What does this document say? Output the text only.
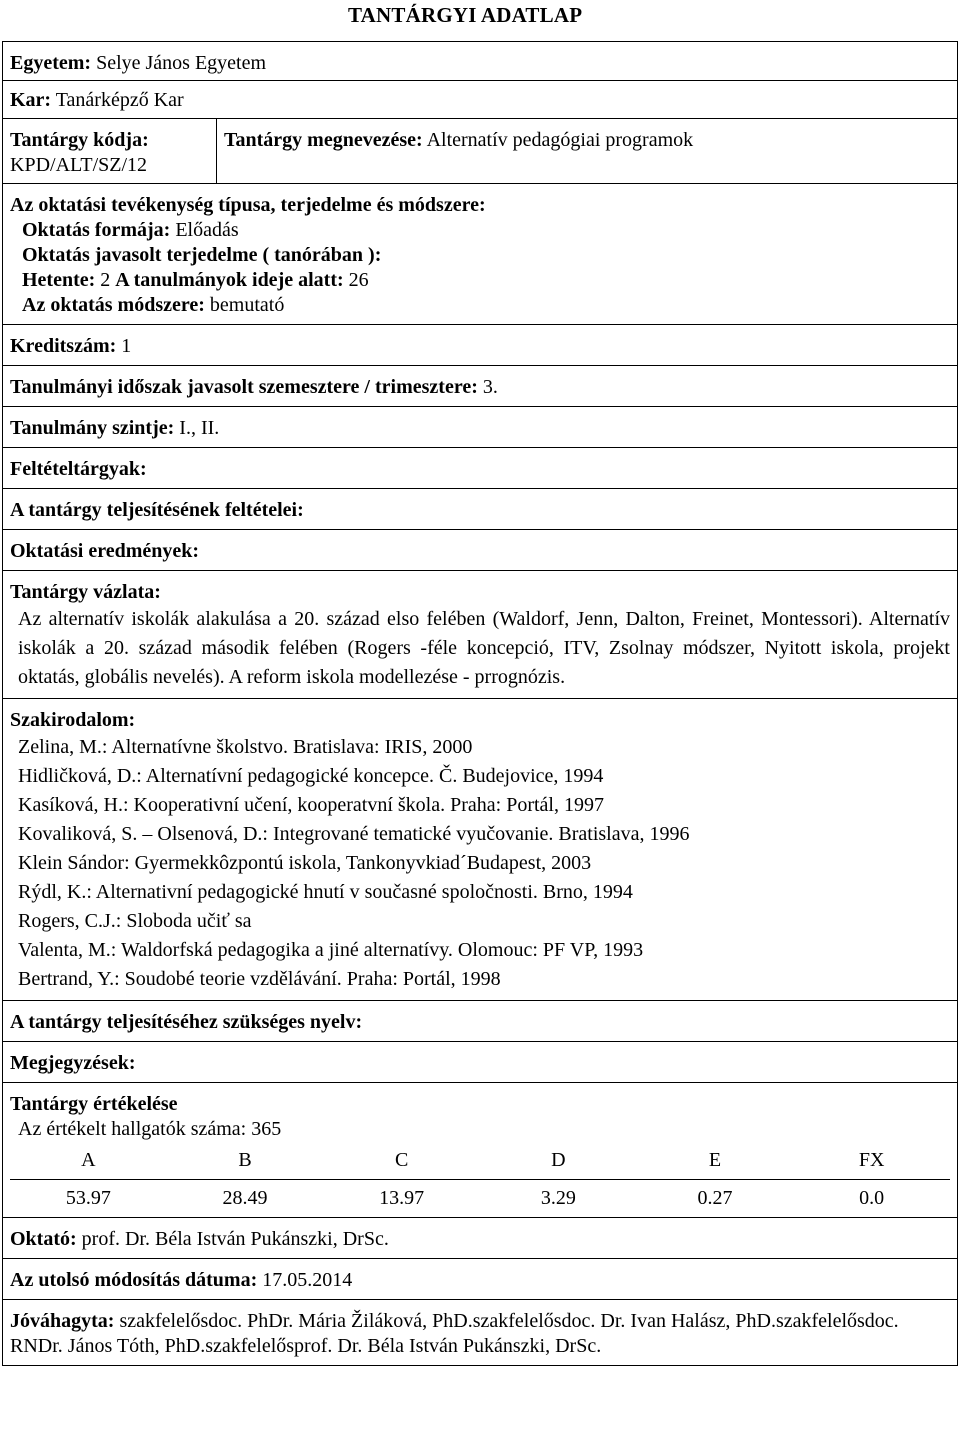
TANTÁRGYI ADATLAP
Egyetem: Selye János Egyetem
Kar: Tanárképző Kar
Tantárgy kódja:
KPD/ALT/SZ/12
Tantárgy megnevezése: Alternatív pedagógiai programok
Az oktatási tevékenység típusa, terjedelme és módszere:
Oktatás formája: Előadás
Oktatás javasolt terjedelme ( tanórában ):
Hetente: 2 A tanulmányok ideje alatt: 26
Az oktatás módszere: bemutató
Kreditszám: 1
Tanulmányi időszak javasolt szemesztere / trimesztere: 3.
Tanulmány szintje: I., II.
Feltételtárgyak:
A tantárgy teljesítésének feltételei:
Oktatási eredmények:
Tantárgy vázlata:
Az alternatív iskolák alakulása a 20. század elso felében (Waldorf, Jenn, Dalton, Freinet, Montessori). Alternatív iskolák a 20. század második felében (Rogers -féle koncepció, ITV, Zsolnay módszer, Nyitott iskola, projekt oktatás, globális nevelés). A reform iskola modellezése - prrognózis.
Szakirodalom:
Zelina, M.: Alternatívne školstvo. Bratislava: IRIS, 2000
Hidličková, D.: Alternatívní pedagogické koncepce. Č. Budejovice, 1994
Kasíková, H.: Kooperativní učení, kooperatvní škola. Praha: Portál, 1997
Kovaliková, S. – Olsenová, D.: Integrované tematické vyučovanie. Bratislava, 1996
Klein Sándor: Gyermekkôzpontú iskola, Tankonyvkiad´Budapest, 2003
Rýdl, K.: Alternativní pedagogické hnutí v současné spoločnosti. Brno, 1994
Rogers, C.J.: Sloboda učiť sa
Valenta, M.: Waldorfská pedagogika a jiné alternatívy. Olomouc: PF VP, 1993
Bertrand, Y.: Soudobé teorie vzdělávání. Praha: Portál, 1998
A tantárgy teljesítéséhez szükséges nyelv:
Megjegyzések:
Tantárgy értékelése
Az értékelt hallgatók száma: 365
A	B	C	D	E	FX
53.97	28.49	13.97	3.29	0.27	0.0
Oktató: prof. Dr. Béla István Pukánszki, DrSc.
Az utolsó módosítás dátuma: 17.05.2014
Jóváhagyta: szakfelelősdoc. PhDr. Mária Žiláková, PhD.szakfelelősdoc. Dr. Ivan Halász, PhD.szakfelelősdoc. RNDr. János Tóth, PhD.szakfelelősprof. Dr. Béla István Pukánszki, DrSc.
